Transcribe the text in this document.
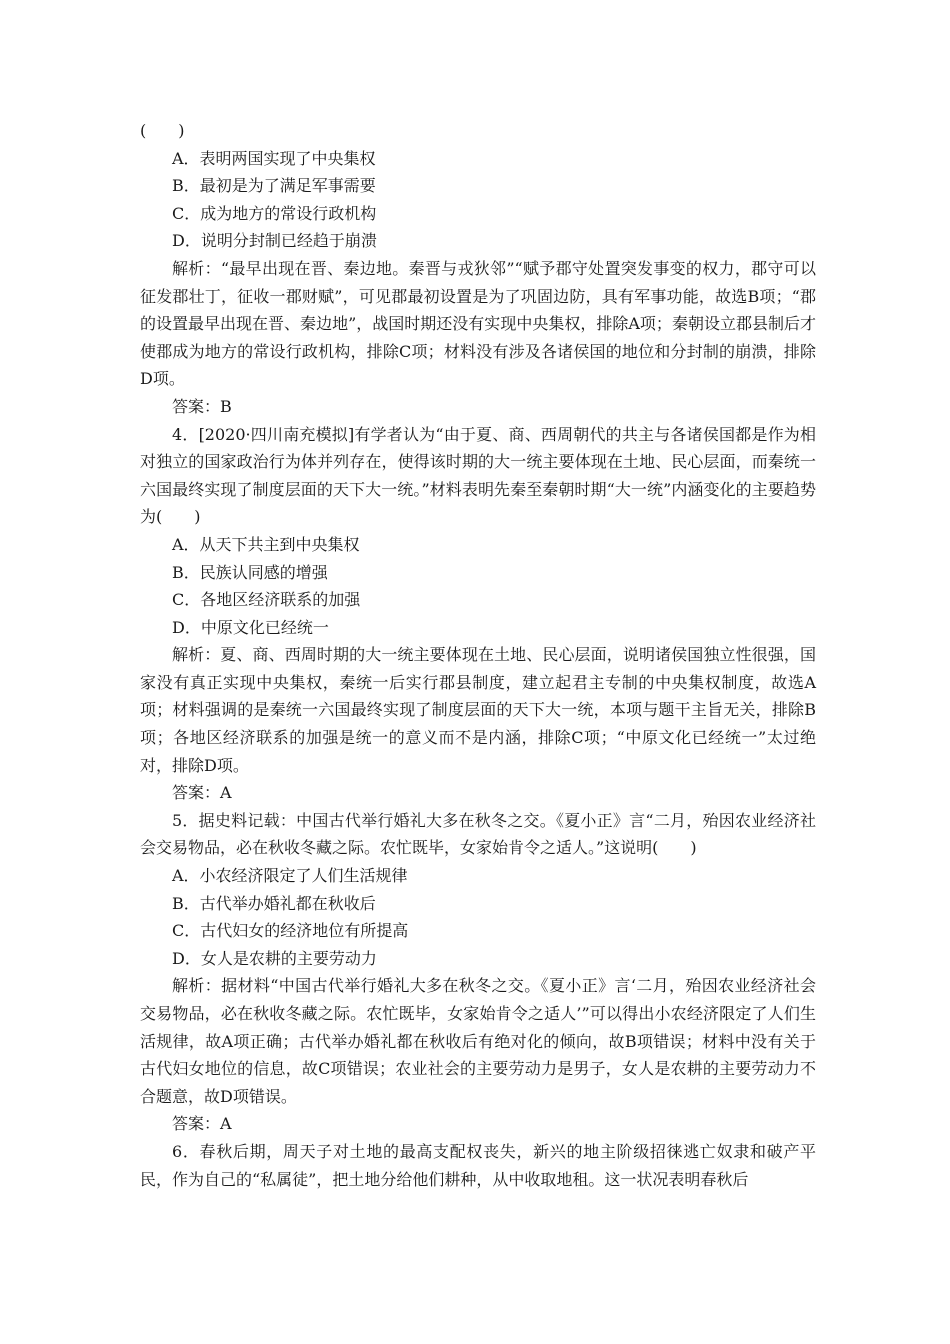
(　　)
A．表明两国实现了中央集权
B．最初是为了满足军事需要
C．成为地方的常设行政机构
D．说明分封制已经趋于崩溃

解析：“最早出现在晋、秦边地。秦晋与戎狄邻”“赋予郡守处置突发事变的权力，郡守可以征发郡壮丁，征收一郡财赋”，可见郡最初设置是为了巩固边防，具有军事功能，故选B项；“郡的设置最早出现在晋、秦边地”，战国时期还没有实现中央集权，排除A项；秦朝设立郡县制后才使郡成为地方的常设行政机构，排除C项；材料没有涉及各诸侯国的地位和分封制的崩溃，排除D项。

答案：B

4．[2020·四川南充模拟]有学者认为“由于夏、商、西周朝代的共主与各诸侯国都是作为相对独立的国家政治行为体并列存在，使得该时期的大一统主要体现在土地、民心层面，而秦统一六国最终实现了制度层面的天下大一统。”材料表明先秦至秦朝时期“大一统”内涵变化的主要趋势为(　　)

A．从天下共主到中央集权
B．民族认同感的增强
C．各地区经济联系的加强
D．中原文化已经统一

解析：夏、商、西周时期的大一统主要体现在土地、民心层面，说明诸侯国独立性很强，国家没有真正实现中央集权，秦统一后实行郡县制度，建立起君主专制的中央集权制度，故选A项；材料强调的是秦统一六国最终实现了制度层面的天下大一统，本项与题干主旨无关，排除B项；各地区经济联系的加强是统一的意义而不是内涵，排除C项；“中原文化已经统一”太过绝对，排除D项。

答案：A

5．据史料记载：中国古代举行婚礼大多在秋冬之交。《夏小正》言“二月，殆因农业经济社会交易物品，必在秋收冬藏之际。农忙既毕，女家始肯令之适人。”这说明(　　)

A．小农经济限定了人们生活规律
B．古代举办婚礼都在秋收后
C．古代妇女的经济地位有所提高
D．女人是农耕的主要劳动力

解析：据材料“中国古代举行婚礼大多在秋冬之交。《夏小正》言‘二月，殆因农业经济社会交易物品，必在秋收冬藏之际。农忙既毕，女家始肯令之适人’”可以得出小农经济限定了人们生活规律，故A项正确；古代举办婚礼都在秋收后有绝对化的倾向，故B项错误；材料中没有关于古代妇女地位的信息，故C项错误；农业社会的主要劳动力是男子，女人是农耕的主要劳动力不合题意，故D项错误。

答案：A

6．春秋后期，周天子对土地的最高支配权丧失，新兴的地主阶级招徕逃亡奴隶和破产平民，作为自己的“私属徒”，把土地分给他们耕种，从中收取地租。这一状况表明春秋后
